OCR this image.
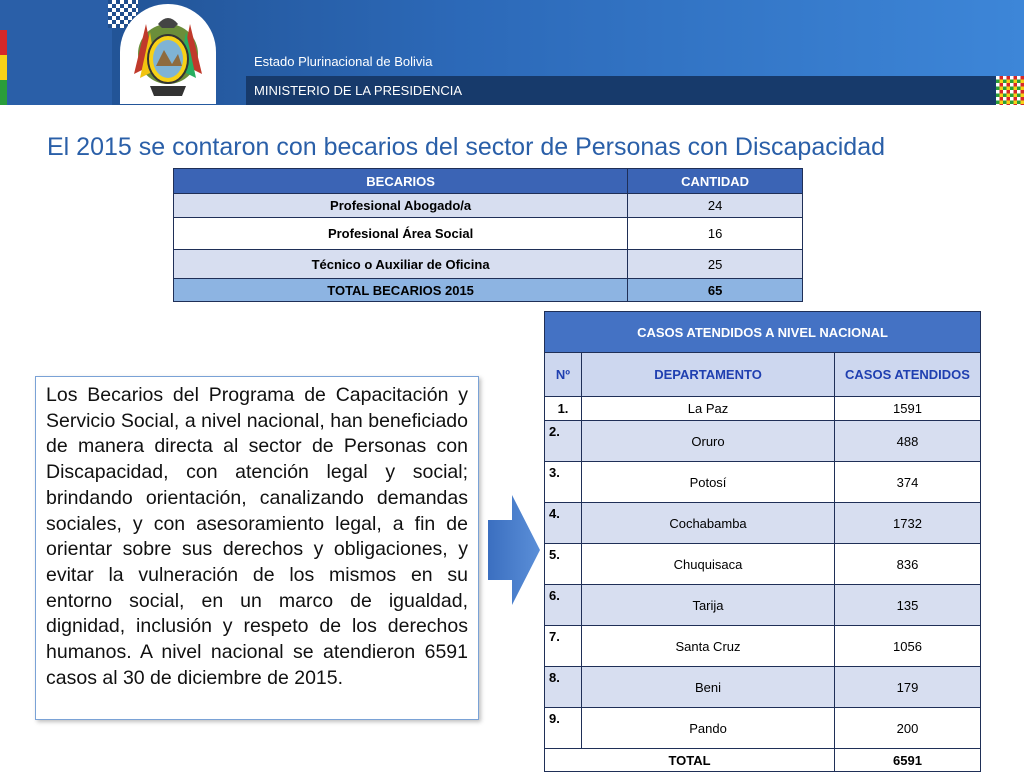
Estado Plurinacional de Bolivia
MINISTERIO DE LA PRESIDENCIA
El 2015 se contaron con becarios del sector de Personas con Discapacidad
BECARIOS	CANTIDAD
Profesional Abogado/a	24
Profesional Área Social	16
Técnico o Auxiliar de Oficina	25
TOTAL BECARIOS 2015	65
CASOS ATENDIDOS A NIVEL NACIONAL		
Nº	DEPARTAMENTO	CASOS ATENDIDOS
1.	La Paz	1591
2.	Oruro	488
3.	Potosí	374
4.	Cochabamba	1732
5.	Chuquisaca	836
6.	Tarija	135
7.	Santa Cruz	1056
8.	Beni	179
9.	Pando	200
TOTAL		6591

Los Becarios del Programa de Capacitación y Servicio Social, a nivel nacional, han beneficiado de manera directa al sector de Personas con Discapacidad, con atención legal y social; brindando orientación, canalizando demandas sociales, y con asesoramiento legal, a fin de orientar sobre sus derechos y obligaciones, y evitar la vulneración de los mismos en su entorno social, en un marco de igualdad, dignidad, inclusión y respeto de los derechos humanos. A nivel nacional se atendieron 6591 casos al 30 de diciembre de 2015.
